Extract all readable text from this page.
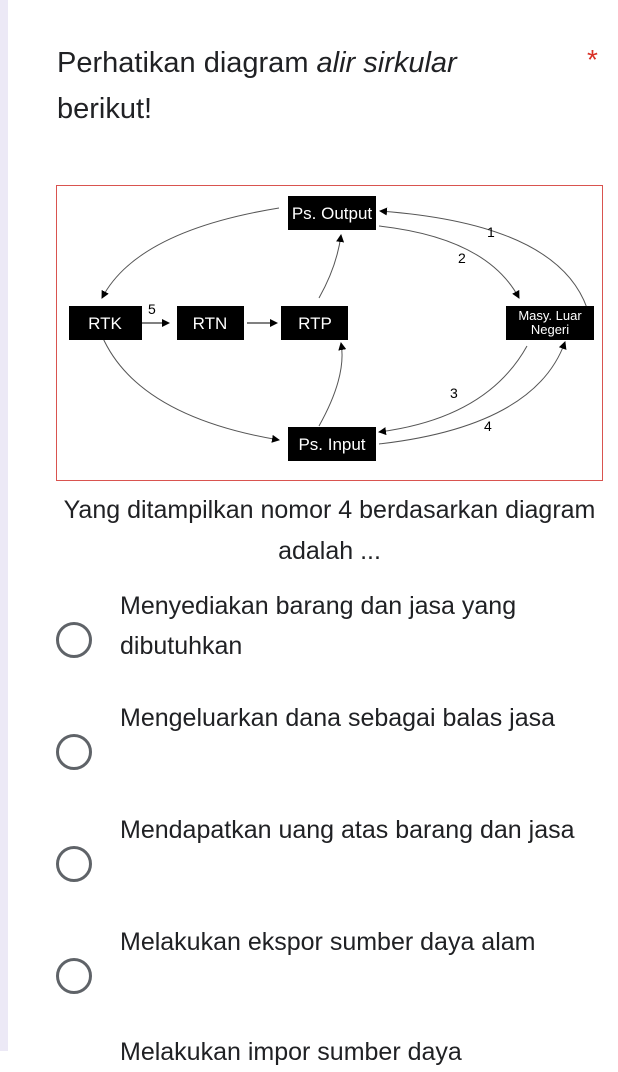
Perhatikan diagram alir sirkular berikut!
*
Ps. Output
RTK	RTN	RTP	Masy. Luar
Negeri
Ps. Input
1
2
3
4
5
Yang ditampilkan nomor 4 berdasarkan diagram adalah ...
Menyediakan barang dan jasa yang dibutuhkan
Mengeluarkan dana sebagai balas jasa
Mendapatkan uang atas barang dan jasa
Melakukan ekspor sumber daya alam
Melakukan impor sumber daya
